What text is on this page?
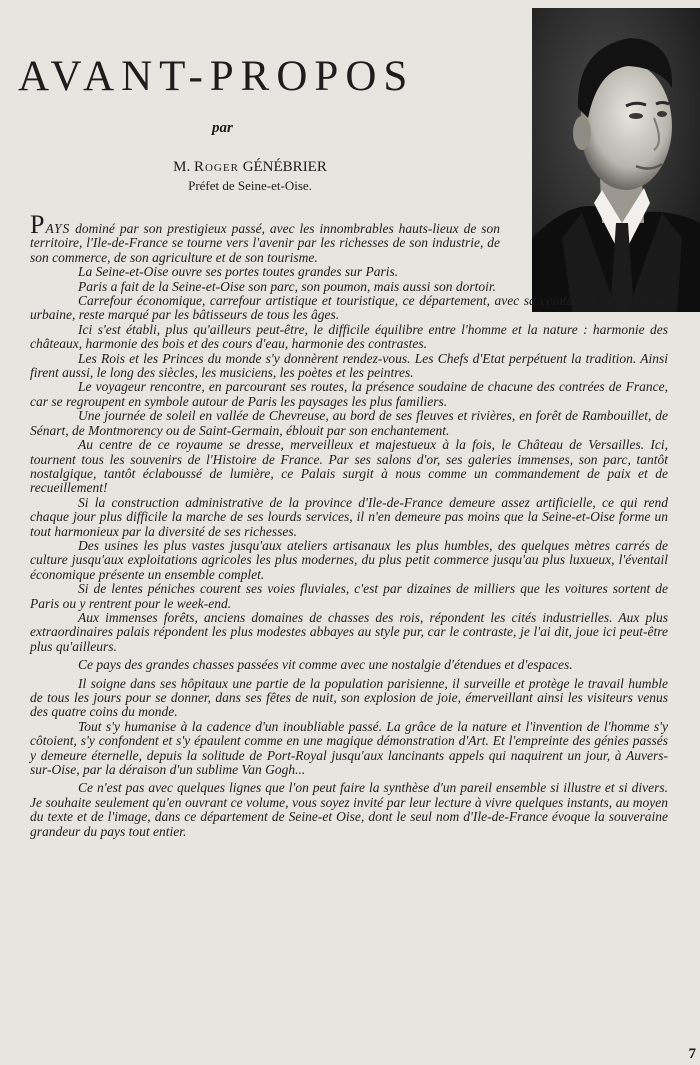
AVANT-PROPOS
par
M. Roger GÉNÉBRIER
Préfet de Seine-et-Oise.

PAYS dominé par son prestigieux passé, avec les innombrables hauts-lieux de son territoire, l'Ile-de-France se tourne vers l'avenir par les richesses de son industrie, de son commerce, de son agriculture et de son tourisme.

La Seine-et-Oise ouvre ses portes toutes grandes sur Paris.

Paris a fait de la Seine-et-Oise son parc, son poumon, mais aussi son dortoir.

Carrefour économique, carrefour artistique et touristique, ce département, avec sa ceinture à forte densité urbaine, reste marqué par les bâtisseurs de tous les âges.

Ici s'est établi, plus qu'ailleurs peut-être, le difficile équilibre entre l'homme et la nature : harmonie des châteaux, harmonie des bois et des cours d'eau, harmonie des contrastes.

Les Rois et les Princes du monde s'y donnèrent rendez-vous. Les Chefs d'Etat perpétuent la tradition. Ainsi firent aussi, le long des siècles, les musiciens, les poètes et les peintres.

Le voyageur rencontre, en parcourant ses routes, la présence soudaine de chacune des contrées de France, car se regroupent en symbole autour de Paris les paysages les plus familiers.

Une journée de soleil en vallée de Chevreuse, au bord de ses fleuves et rivières, en forêt de Rambouillet, de Sénart, de Montmorency ou de Saint-Germain, éblouit par son enchantement.

Au centre de ce royaume se dresse, merveilleux et majestueux à la fois, le Château de Versailles. Ici, tournent tous les souvenirs de l'Histoire de France. Par ses salons d'or, ses galeries immenses, son parc, tantôt nostalgique, tantôt éclaboussé de lumière, ce Palais surgit à nous comme un commandement de paix et de recueillement!

Si la construction administrative de la province d'Ile-de-France demeure assez artificielle, ce qui rend chaque jour plus difficile la marche de ses lourds services, il n'en demeure pas moins que la Seine-et-Oise forme un tout harmonieux par la diversité de ses richesses.

Des usines les plus vastes jusqu'aux ateliers artisanaux les plus humbles, des quelques mètres carrés de culture jusqu'aux exploitations agricoles les plus modernes, du plus petit commerce jusqu'au plus luxueux, l'éventail économique présente un ensemble complet.

Si de lentes péniches courent ses voies fluviales, c'est par dizaines de milliers que les voitures sortent de Paris ou y rentrent pour le week-end.

Aux immenses forêts, anciens domaines de chasses des rois, répondent les cités industrielles. Aux plus extraordinaires palais répondent les plus modestes abbayes au style pur, car le contraste, je l'ai dit, joue ici peut-être plus qu'ailleurs.

Ce pays des grandes chasses passées vit comme avec une nostalgie d'étendues et d'espaces.

Il soigne dans ses hôpitaux une partie de la population parisienne, il surveille et protège le travail humble de tous les jours pour se donner, dans ses fêtes de nuit, son explosion de joie, émerveillant ainsi les visiteurs venus des quatre coins du monde.

Tout s'y humanise à la cadence d'un inoubliable passé. La grâce de la nature et l'invention de l'homme s'y côtoient, s'y confondent et s'y épaulent comme en une magique démonstration d'Art. Et l'empreinte des génies passés y demeure éternelle, depuis la solitude de Port-Royal jusqu'aux lancinants appels qui naquirent un jour, à Auvers-sur-Oise, par la déraison d'un sublime Van Gogh...

Ce n'est pas avec quelques lignes que l'on peut faire la synthèse d'un pareil ensemble si illustre et si divers. Je souhaite seulement qu'en ouvrant ce volume, vous soyez invité par leur lecture à vivre quelques instants, au moyen du texte et de l'image, dans ce département de Seine-et Oise, dont le seul nom d'Ile-de-France évoque la souveraine grandeur du pays tout entier.

7
